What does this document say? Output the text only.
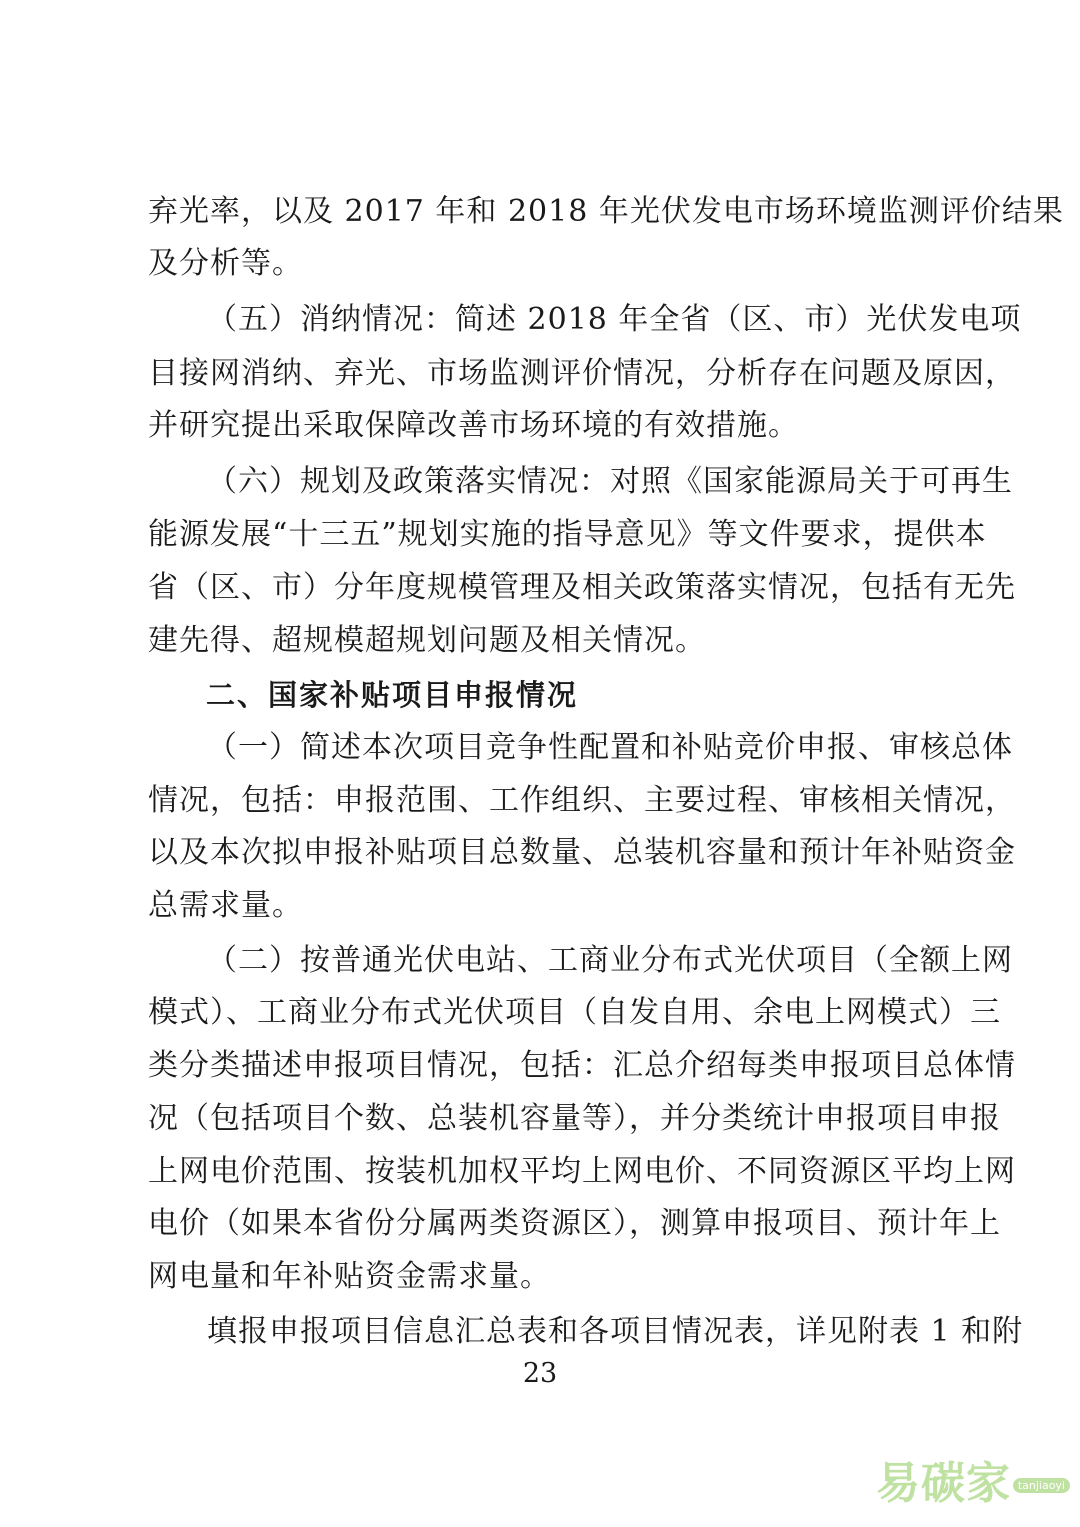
弃光率，以及 2017 年和 2018 年光伏发电市场环境监测评价结果
及分析等。
（五）消纳情况：简述 2018 年全省（区、市）光伏发电项
目接网消纳、弃光、市场监测评价情况，分析存在问题及原因，
并研究提出采取保障改善市场环境的有效措施。
（六）规划及政策落实情况：对照《国家能源局关于可再生
能源发展“十三五”规划实施的指导意见》等文件要求，提供本
省（区、市）分年度规模管理及相关政策落实情况，包括有无先
建先得、超规模超规划问题及相关情况。
二、国家补贴项目申报情况
（一）简述本次项目竞争性配置和补贴竞价申报、审核总体
情况，包括：申报范围、工作组织、主要过程、审核相关情况，
以及本次拟申报补贴项目总数量、总装机容量和预计年补贴资金
总需求量。
（二）按普通光伏电站、工商业分布式光伏项目（全额上网
模式）、工商业分布式光伏项目（自发自用、余电上网模式）三
类分类描述申报项目情况，包括：汇总介绍每类申报项目总体情
况（包括项目个数、总装机容量等），并分类统计申报项目申报
上网电价范围、按装机加权平均上网电价、不同资源区平均上网
电价（如果本省份分属两类资源区），测算申报项目、预计年上
网电量和年补贴资金需求量。
填报申报项目信息汇总表和各项目情况表，详见附表 1 和附
23
易碳家 tanjiaoyi
